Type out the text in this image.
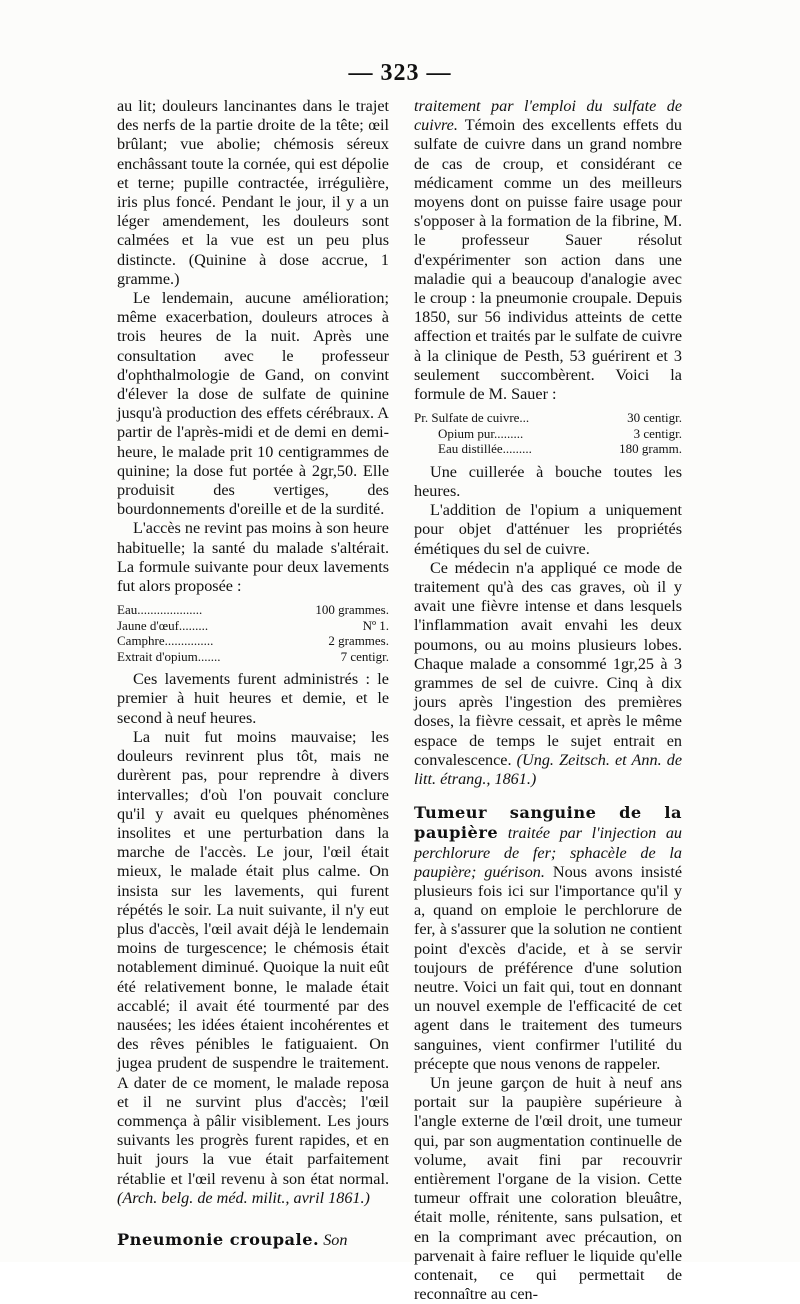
— 323 —

au lit; douleurs lancinantes dans le trajet des nerfs de la partie droite de la tête; œil brûlant; vue abolie; chémosis séreux enchâssant toute la cornée, qui est dépolie et terne; pupille contractée, irrégulière, iris plus foncé. Pendant le jour, il y a un léger amendement, les douleurs sont calmées et la vue est un peu plus distincte. (Quinine à dose accrue, 1 gramme.)

Le lendemain, aucune amélioration; même exacerbation, douleurs atroces à trois heures de la nuit. Après une consultation avec le professeur d'ophthalmologie de Gand, on convint d'élever la dose de sulfate de quinine jusqu'à production des effets cérébraux. A partir de l'après-midi et de demi en demi-heure, le malade prit 10 centigrammes de quinine; la dose fut portée à 2gr,50. Elle produisit des vertiges, des bourdonnements d'oreille et de la surdité.

L'accès ne revint pas moins à son heure habituelle; la santé du malade s'altérait. La formule suivante pour deux lavements fut alors proposée :

Eau....................	100 grammes.
Jaune d'œuf.........	Nº 1.
Camphre...............	2 grammes.
Extrait d'opium.......	7 centigr.

Ces lavements furent administrés : le premier à huit heures et demie, et le second à neuf heures.

La nuit fut moins mauvaise; les douleurs revinrent plus tôt, mais ne durèrent pas, pour reprendre à divers intervalles; d'où l'on pouvait conclure qu'il y avait eu quelques phénomènes insolites et une perturbation dans la marche de l'accès. Le jour, l'œil était mieux, le malade était plus calme. On insista sur les lavements, qui furent répétés le soir. La nuit suivante, il n'y eut plus d'accès, l'œil avait déjà le lendemain moins de turgescence; le chémosis était notablement diminué. Quoique la nuit eût été relativement bonne, le malade était accablé; il avait été tourmenté par des nausées; les idées étaient incohérentes et des rêves pénibles le fatiguaient. On jugea prudent de suspendre le traitement. A dater de ce moment, le malade reposa et il ne survint plus d'accès; l'œil commença à pâlir visiblement. Les jours suivants les progrès furent rapides, et en huit jours la vue était parfaitement rétablie et l'œil revenu à son état normal. (Arch. belg. de méd. milit., avril 1861.)

Pneumonie croupale. Son

traitement par l'emploi du sulfate de cuivre. Témoin des excellents effets du sulfate de cuivre dans un grand nombre de cas de croup, et considérant ce médicament comme un des meilleurs moyens dont on puisse faire usage pour s'opposer à la formation de la fibrine, M. le professeur Sauer résolut d'expérimenter son action dans une maladie qui a beaucoup d'analogie avec le croup : la pneumonie croupale. Depuis 1850, sur 56 individus atteints de cette affection et traités par le sulfate de cuivre à la clinique de Pesth, 53 guérirent et 3 seulement succombèrent. Voici la formule de M. Sauer :

Pr. Sulfate de cuivre...	30 centigr.
Opium pur.........	3 centigr.
Eau distillée.........	180 gramm.

Une cuillerée à bouche toutes les heures.

L'addition de l'opium a uniquement pour objet d'atténuer les propriétés émétiques du sel de cuivre.

Ce médecin n'a appliqué ce mode de traitement qu'à des cas graves, où il y avait une fièvre intense et dans lesquels l'inflammation avait envahi les deux poumons, ou au moins plusieurs lobes. Chaque malade a consommé 1gr,25 à 3 grammes de sel de cuivre. Cinq à dix jours après l'ingestion des premières doses, la fièvre cessait, et après le même espace de temps le sujet entrait en convalescence. (Ung. Zeitsch. et Ann. de litt. étrang., 1861.)

Tumeur sanguine de la paupière traitée par l'injection au perchlorure de fer; sphacèle de la paupière; guérison. Nous avons insisté plusieurs fois ici sur l'importance qu'il y a, quand on emploie le perchlorure de fer, à s'assurer que la solution ne contient point d'excès d'acide, et à se servir toujours de préférence d'une solution neutre. Voici un fait qui, tout en donnant un nouvel exemple de l'efficacité de cet agent dans le traitement des tumeurs sanguines, vient confirmer l'utilité du précepte que nous venons de rappeler.

Un jeune garçon de huit à neuf ans portait sur la paupière supérieure à l'angle externe de l'œil droit, une tumeur qui, par son augmentation continuelle de volume, avait fini par recouvrir entièrement l'organe de la vision. Cette tumeur offrait une coloration bleuâtre, était molle, rénitente, sans pulsation, et en la comprimant avec précaution, on parvenait à faire refluer le liquide qu'elle contenait, ce qui permettait de reconnaître au cen-
